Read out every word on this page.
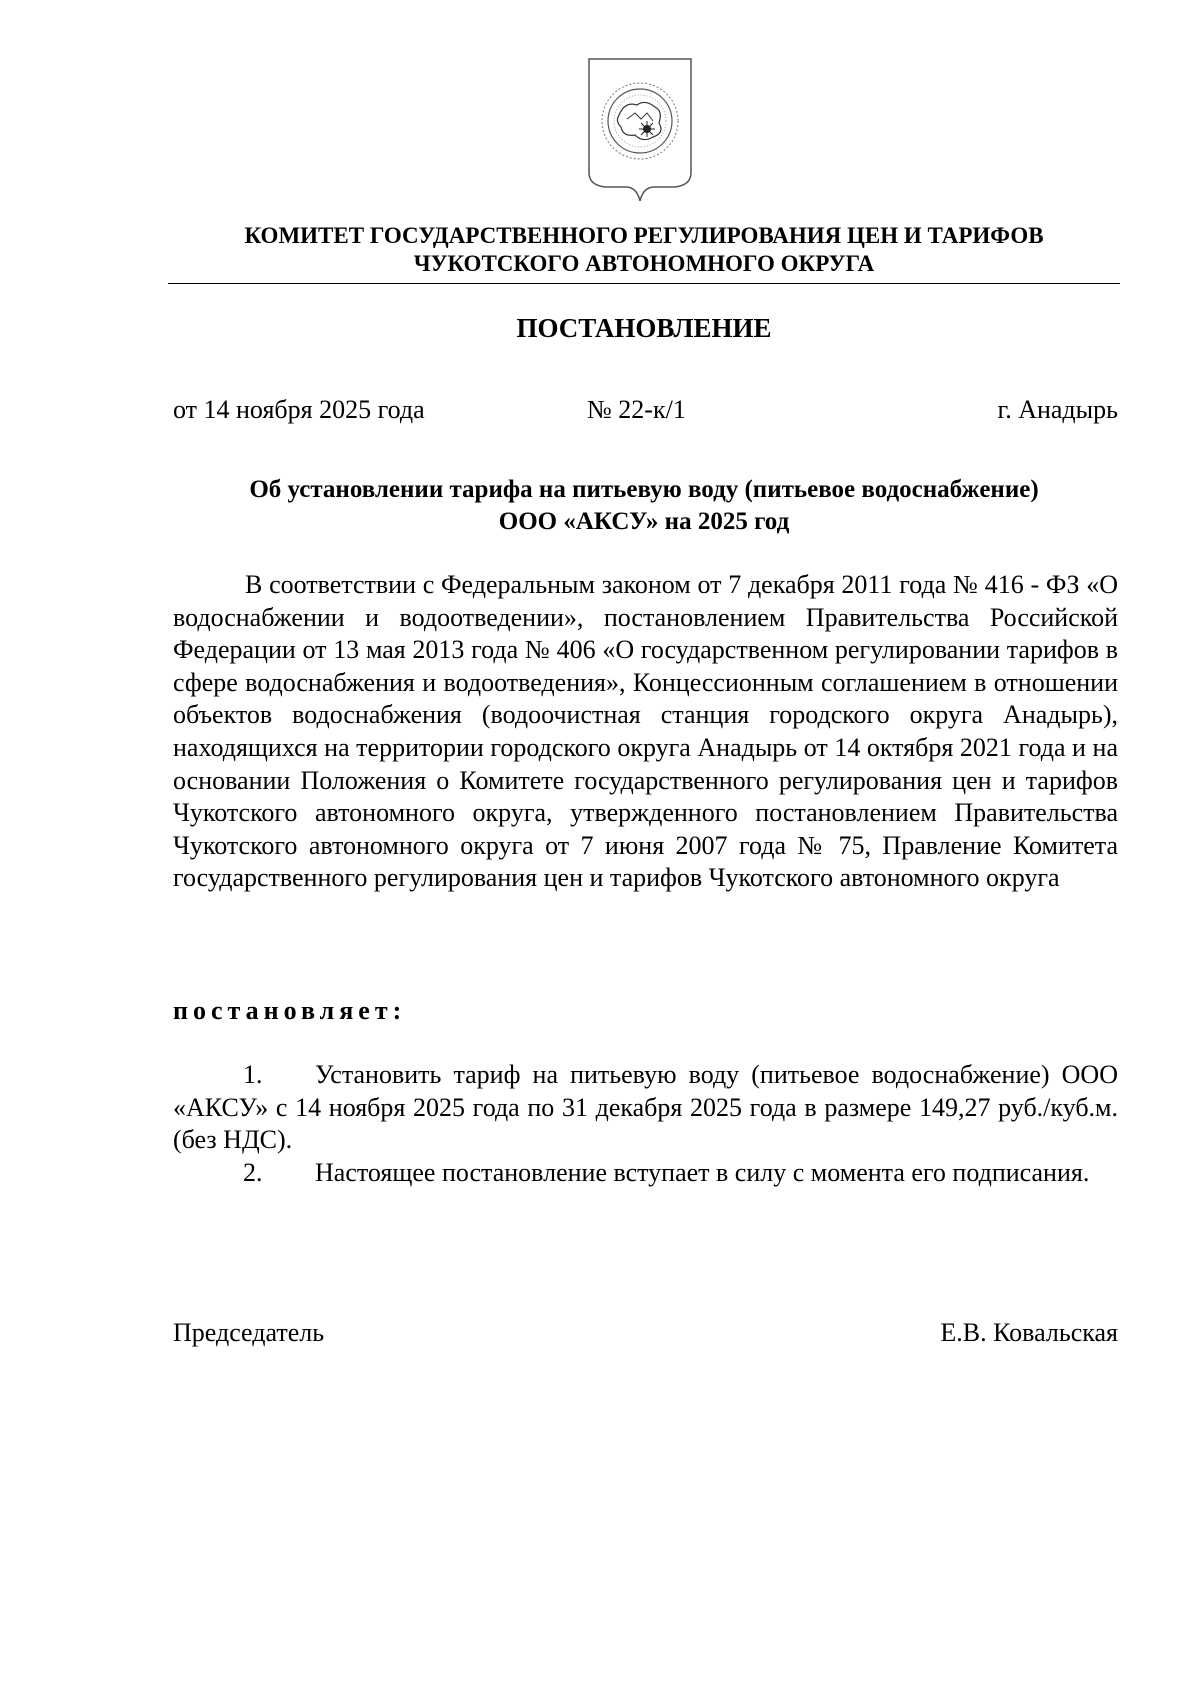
КОМИТЕТ ГОСУДАРСТВЕННОГО РЕГУЛИРОВАНИЯ ЦЕН И ТАРИФОВ
ЧУКОТСКОГО АВТОНОМНОГО ОКРУГА
ПОСТАНОВЛЕНИЕ
от 14 ноября 2025 года	№ 22-к/1	г. Анадырь
Об установлении тарифа на питьевую воду (питьевое водоснабжение)
ООО «АКСУ» на 2025 год

В соответствии с Федеральным законом от 7 декабря 2011 года № 416 - ФЗ «О водоснабжении и водоотведении», постановлением Правительства Российской Федерации от 13 мая 2013 года № 406 «О государственном регулировании тарифов в сфере водоснабжения и водоотведения», Концессионным соглашением в отношении объектов водоснабжения (водоочистная станция городского округа Анадырь), находящихся на территории городского округа Анадырь от 14 октября 2021 года и на основании Положения о Комитете государственного регулирования цен и тарифов Чукотского автономного округа, утвержденного постановлением Правительства Чукотского автономного округа от 7 июня 2007 года № 75, Правление Комитета государственного регулирования цен и тарифов Чукотского автономного округа

постановляет:

1. Установить тариф на питьевую воду (питьевое водоснабжение) ООО «АКСУ» с 14 ноября 2025 года по 31 декабря 2025 года в размере 149,27 руб./куб.м. (без НДС).

2. Настоящее постановление вступает в силу с момента его подписания.

Председатель	Е.В. Ковальская
